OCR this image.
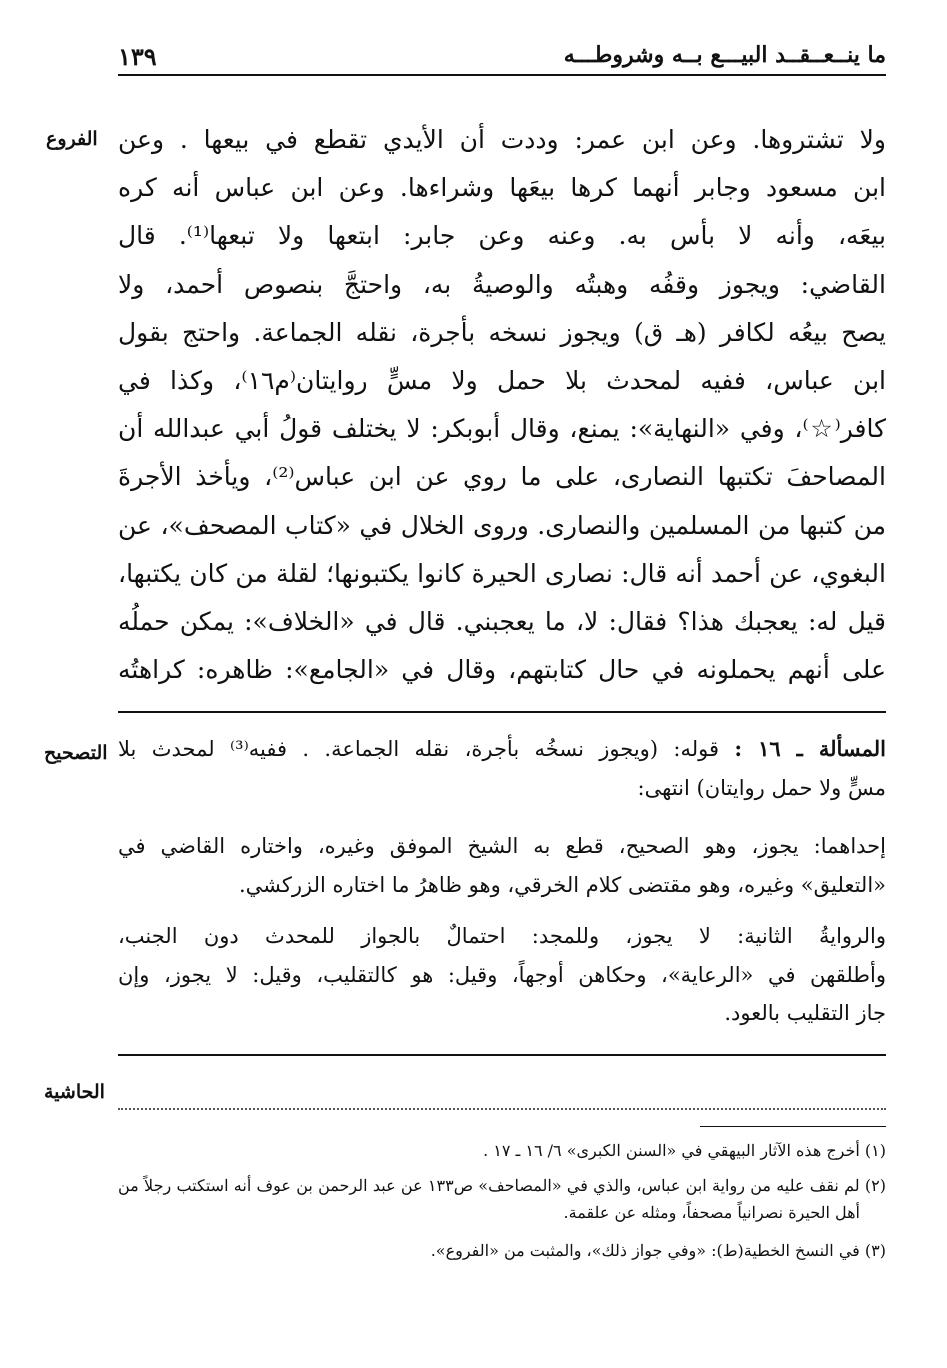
ما ينــعــقــد البيـــع بــه وشروطـــه
١٣٩
الفروع
التصحيح
الحاشية
ولا تشتروها. وعن ابن عمر: وددت أن الأيدي تقطع في بيعها . وعن
ابن مسعود وجابر أنهما كرها بيعَها وشراءها. وعن ابن عباس أنه كره
بيعَه، وأنه لا بأس به. وعنه وعن جابر: ابتعها ولا تبعها⁽¹⁾. قال
القاضي: ويجوز وقفُه وهبتُه والوصيةُ به، واحتجَّ بنصوص أحمد، ولا
يصح بيعُه لكافر (هـ ق) ويجوز نسخه بأجرة، نقله الجماعة. واحتج بقول
ابن عباس، ففيه لمحدث بلا حمل ولا مسٍّ روايتان⁽م١٦⁾، وكذا في
كافر⁽☆⁾، وفي «النهاية»: يمنع، وقال أبوبكر: لا يختلف قولُ أبي عبدالله أن
المصاحفَ تكتبها النصارى، على ما روي عن ابن عباس⁽²⁾، ويأخذ الأجرةَ
من كتبها من المسلمين والنصارى. وروى الخلال في «كتاب المصحف»، عن
البغوي، عن أحمد أنه قال: نصارى الحيرة كانوا يكتبونها؛ لقلة من كان يكتبها،
قيل له: يعجبك هذا؟ فقال: لا، ما يعجبني. قال في «الخلاف»: يمكن حملُه
على أنهم يحملونه في حال كتابتهم، وقال في «الجامع»: ظاهره: كراهتُه
المسألة ـ ١٦ : قوله: (ويجوز نسخُه بأجرة، نقله الجماعة. . ففيه⁽³⁾ لمحدث بلا
مسٍّ ولا حمل روايتان) انتهى:
إحداهما: يجوز، وهو الصحيح، قطع به الشيخ الموفق وغيره، واختاره القاضي في
«التعليق» وغيره، وهو مقتضى كلام الخرقي، وهو ظاهرُ ما اختاره الزركشي.
والروايةُ الثانية: لا يجوز، وللمجد: احتمالٌ بالجواز للمحدث دون الجنب،
وأطلقهن في «الرعاية»، وحكاهن أوجهاً، وقيل: هو كالتقليب، وقيل: لا يجوز، وإن
جاز التقليب بالعود.
(١) أخرج هذه الآثار البيهقي في «السنن الكبرى» ٦/ ١٦ ـ ١٧ .
(٢) لم نقف عليه من رواية ابن عباس، والذي في «المصاحف» ص١٣٣ عن عبد الرحمن بن عوف أنه استكتب رجلاً من
أهل الحيرة نصرانياً مصحفاً، ومثله عن علقمة.
(٣) في النسخ الخطية(ط): «وفي جواز ذلك»، والمثبت من «الفروع».
